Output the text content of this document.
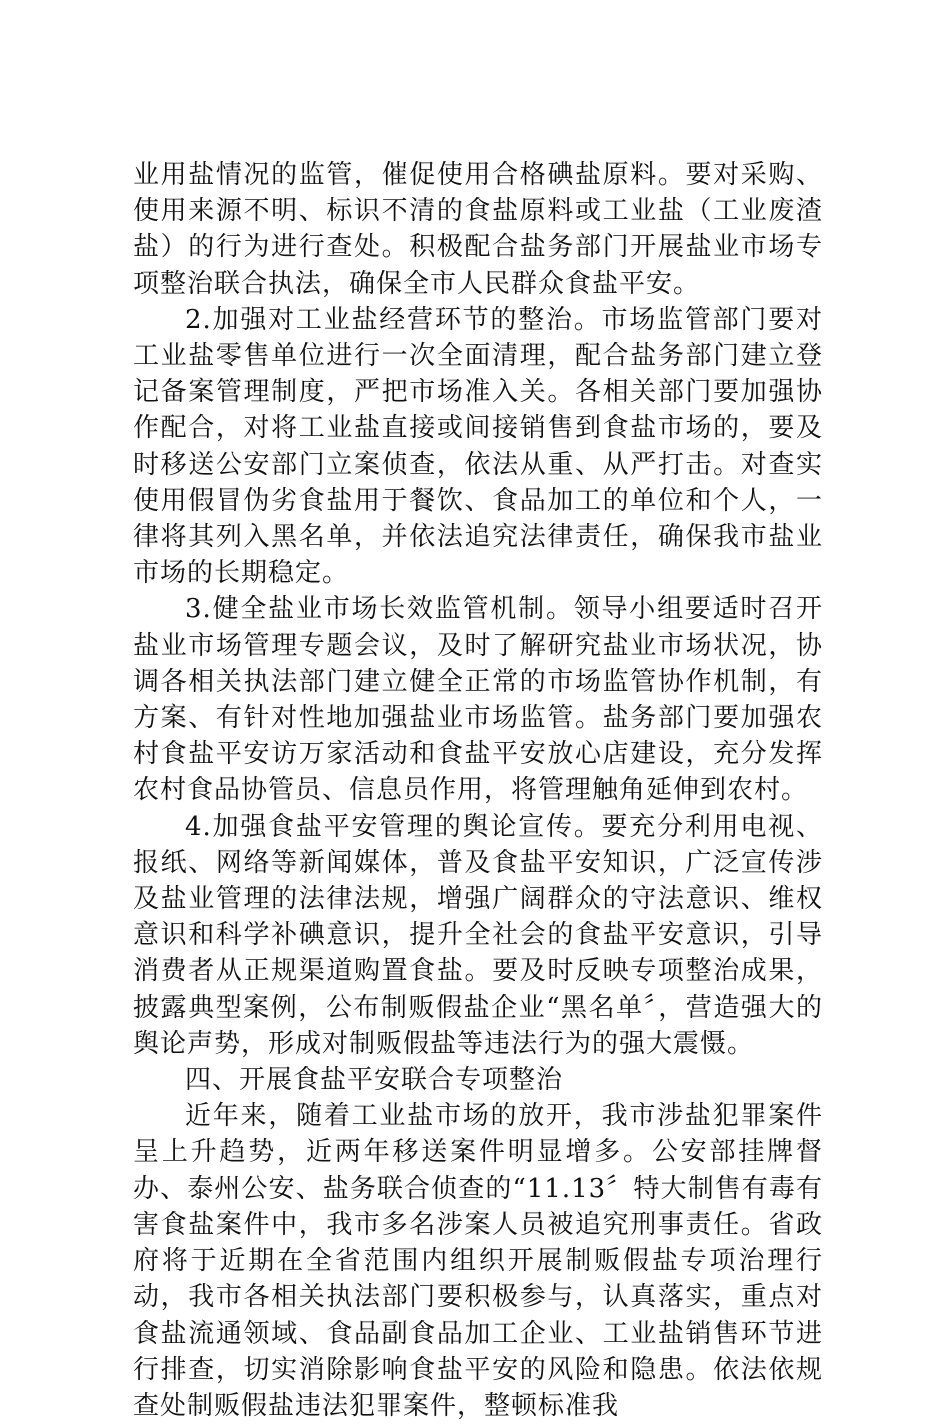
业用盐情况的监管，催促使用合格碘盐原料。要对采购、使用来源不明、标识不清的食盐原料或工业盐（工业废渣盐）的行为进行查处。积极配合盐务部门开展盐业市场专项整治联合执法，确保全市人民群众食盐平安。

2.加强对工业盐经营环节的整治。市场监管部门要对工业盐零售单位进行一次全面清理，配合盐务部门建立登记备案管理制度，严把市场准入关。各相关部门要加强协作配合，对将工业盐直接或间接销售到食盐市场的，要及时移送公安部门立案侦查，依法从重、从严打击。对查实使用假冒伪劣食盐用于餐饮、食品加工的单位和个人，一律将其列入黑名单，并依法追究法律责任，确保我市盐业市场的长期稳定。

3.健全盐业市场长效监管机制。领导小组要适时召开盐业市场管理专题会议，及时了解研究盐业市场状况，协调各相关执法部门建立健全正常的市场监管协作机制，有方案、有针对性地加强盐业市场监管。盐务部门要加强农村食盐平安访万家活动和食盐平安放心店建设，充分发挥农村食品协管员、信息员作用，将管理触角延伸到农村。

4.加强食盐平安管理的舆论宣传。要充分利用电视、报纸、网络等新闻媒体，普及食盐平安知识，广泛宣传涉及盐业管理的法律法规，增强广阔群众的守法意识、维权意识和科学补碘意识，提升全社会的食盐平安意识，引导消费者从正规渠道购置食盐。要及时反映专项整治成果，披露典型案例，公布制贩假盐企业“黑名单〞，营造强大的舆论声势，形成对制贩假盐等违法行为的强大震慑。

四、开展食盐平安联合专项整治

近年来，随着工业盐市场的放开，我市涉盐犯罪案件呈上升趋势，近两年移送案件明显增多。公安部挂牌督办、泰州公安、盐务联合侦查的“11.13〞特大制售有毒有害食盐案件中，我市多名涉案人员被追究刑事责任。省政府将于近期在全省范围内组织开展制贩假盐专项治理行动，我市各相关执法部门要积极参与，认真落实，重点对食盐流通领域、食品副食品加工企业、工业盐销售环节进行排查，切实消除影响食盐平安的风险和隐患。依法依规查处制贩假盐违法犯罪案件，整顿标准我
